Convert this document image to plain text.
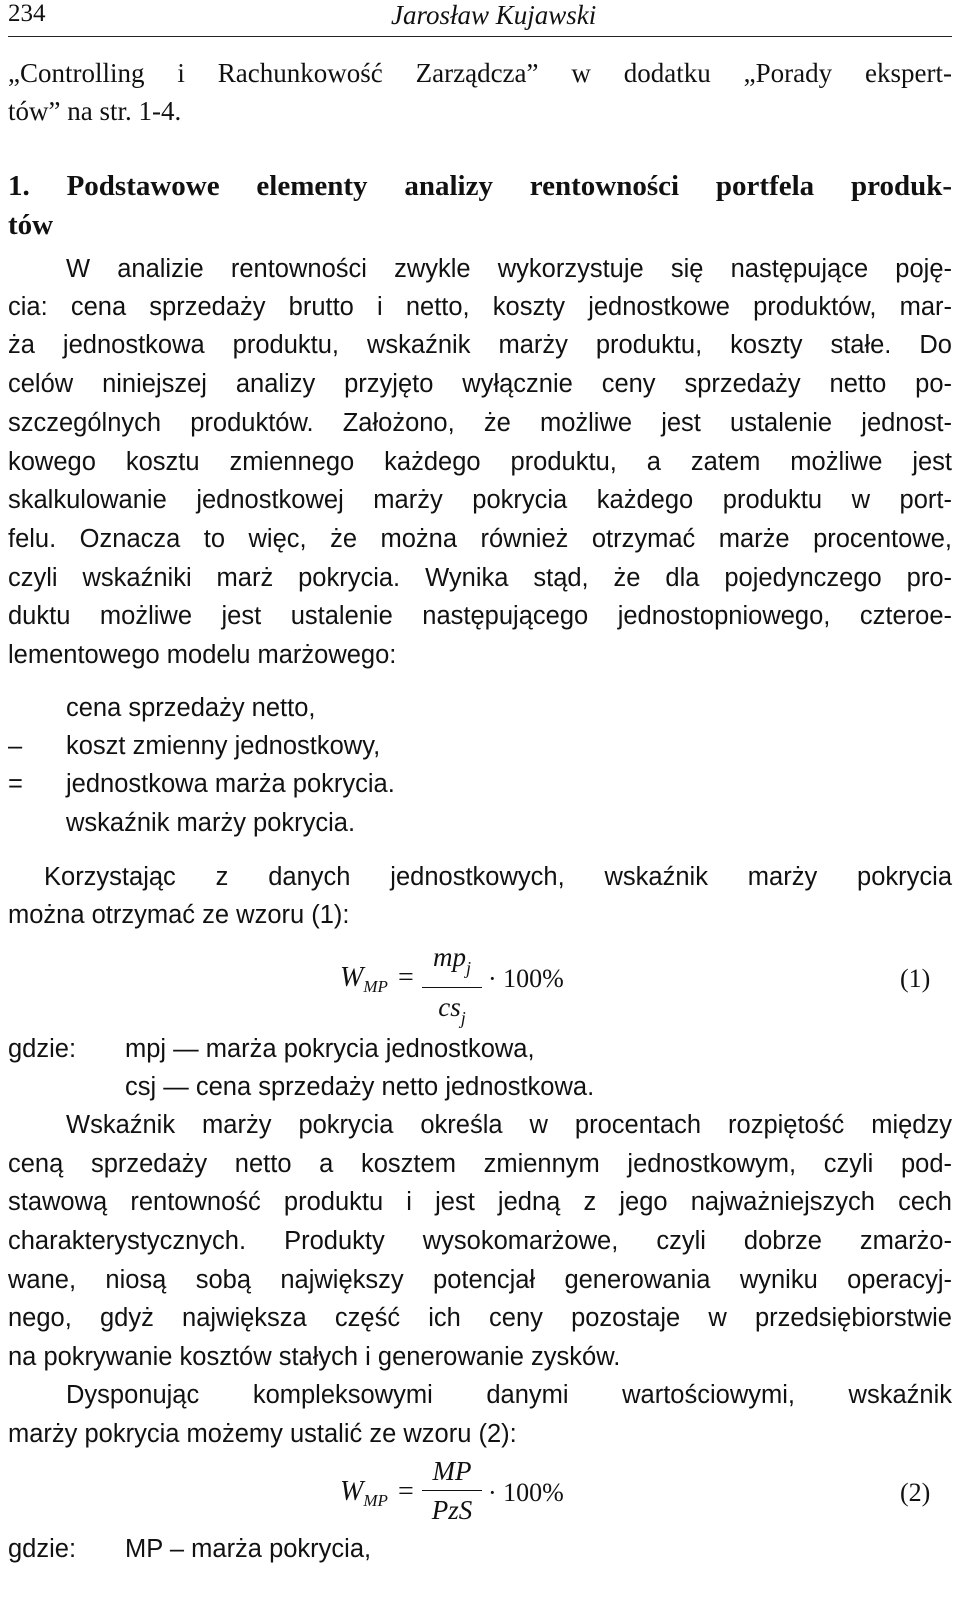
234	Jarosław Kujawski
„Controlling i Rachunkowość Zarządcza” w dodatku „Porady ekspert-
tów” na str. 1-4.
1. Podstawowe elementy analizy rentowności portfela produk-
tów
W analizie rentowności zwykle wykorzystuje się następujące poję-
cia: cena sprzedaży brutto i netto, koszty jednostkowe produktów, mar-
ża jednostkowa produktu, wskaźnik marży produktu, koszty stałe. Do
celów niniejszej analizy przyjęto wyłącznie ceny sprzedaży netto po-
szczególnych produktów. Założono, że możliwe jest ustalenie jednost-
kowego kosztu zmiennego każdego produktu, a zatem możliwe jest
skalkulowanie jednostkowej marży pokrycia każdego produktu w port-
felu. Oznacza to więc, że można również otrzymać marże procentowe,
czyli wskaźniki marż pokrycia. Wynika stąd, że dla pojedynczego pro-
duktu możliwe jest ustalenie następującego jednostopniowego, czteroe-
lementowego modelu marżowego:
cena sprzedaży netto,
– koszt zmienny jednostkowy,
= jednostkowa marża pokrycia.
wskaźnik marży pokrycia.
Korzystając z danych jednostkowych, wskaźnik marży pokrycia
można otrzymać ze wzoru (1):
$W_{MP}$ =
$mp_j$
$cs_j$
· 100%	(1)
gdzie: mpj — marża pokrycia jednostkowa,
csj — cena sprzedaży netto jednostkowa.
Wskaźnik marży pokrycia określa w procentach rozpiętość między
ceną sprzedaży netto a kosztem zmiennym jednostkowym, czyli pod-
stawową rentowność produktu i jest jedną z jego najważniejszych cech
charakterystycznych. Produkty wysokomarżowe, czyli dobrze zmarżo-
wane, niosą sobą największy potencjał generowania wyniku operacyj-
nego, gdyż największa część ich ceny pozostaje w przedsiębiorstwie
na pokrywanie kosztów stałych i generowanie zysków.
Dysponując kompleksowymi danymi wartościowymi, wskaźnik
marży pokrycia możemy ustalić ze wzoru (2):
$W_{MP}$ =
MP
PzS
· 100%	(2)
gdzie: MP – marża pokrycia,
